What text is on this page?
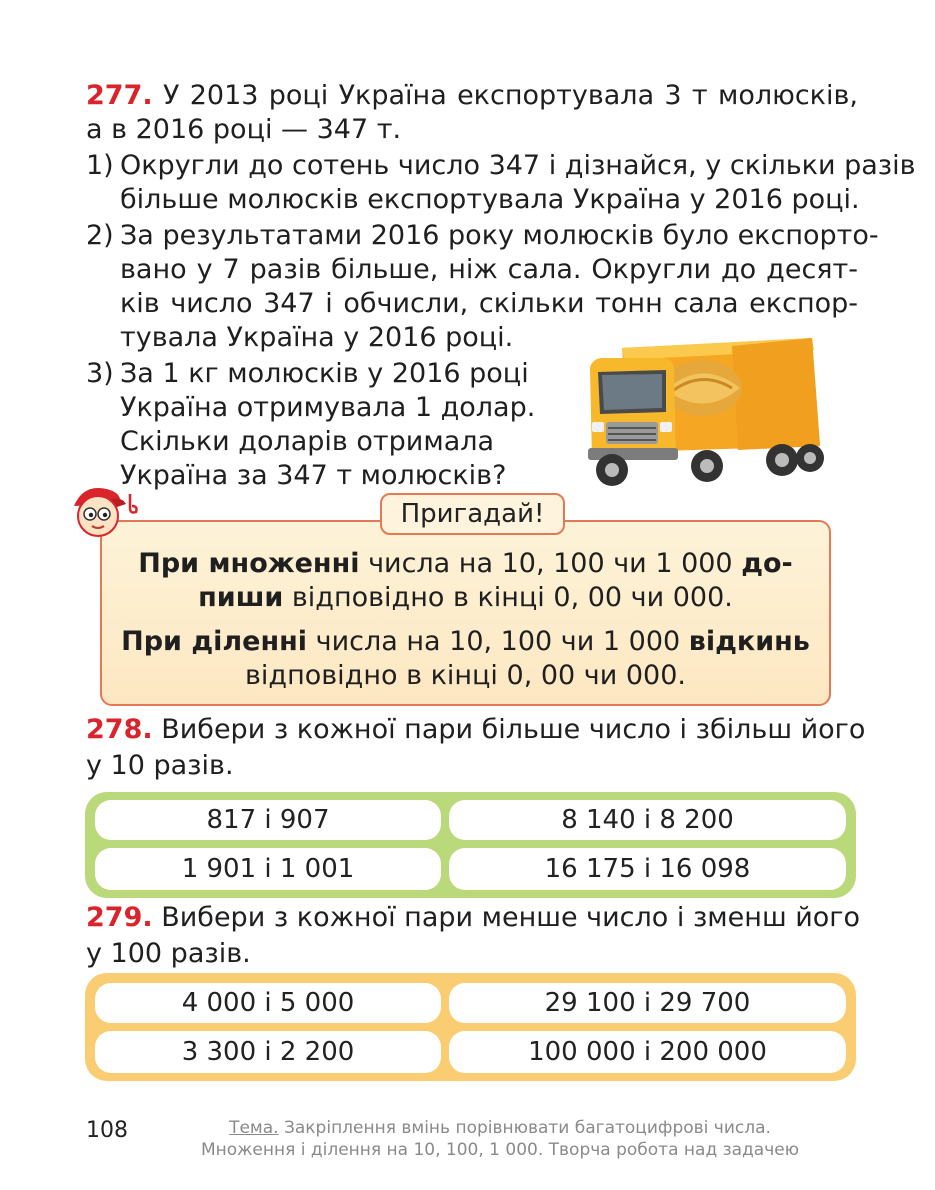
277. У 2013 році Україна експортувала 3 т молюсків,
а в 2016 році — 347 т.
1) Округли до сотень число 347 і дізнайся, у скільки разів
більше молюсків експортувала Україна у 2016 році.
2) За результатами 2016 року молюсків було експорто-
вано у 7 разів більше, ніж сала. Округли до десят-
ків число 347 і обчисли, скільки тонн сала експор-
тувала Україна у 2016 році.
3) За 1 кг молюсків у 2016 році
Україна отримувала 1 долар.
Скільки доларів отримала
Україна за 347 т молюсків?
Пригадай!
При множенні числа на 10, 100 чи 1 000 до-
пиши відповідно в кінці 0, 00 чи 000.
При діленні числа на 10, 100 чи 1 000 відкинь
відповідно в кінці 0, 00 чи 000.
278. Вибери з кожної пари більше число і збільш його
у 10 разів.
817 і 907	8 140 і 8 200
1 901 і 1 001	16 175 і 16 098
279. Вибери з кожної пари менше число і зменш його
у 100 разів.
4 000 і 5 000	29 100 і 29 700
3 300 і 2 200	100 000 і 200 000
108	Тема. Закріплення вмінь порівнювати багатоцифрові числа.
Множення і ділення на 10, 100, 1 000. Творча робота над задачею
